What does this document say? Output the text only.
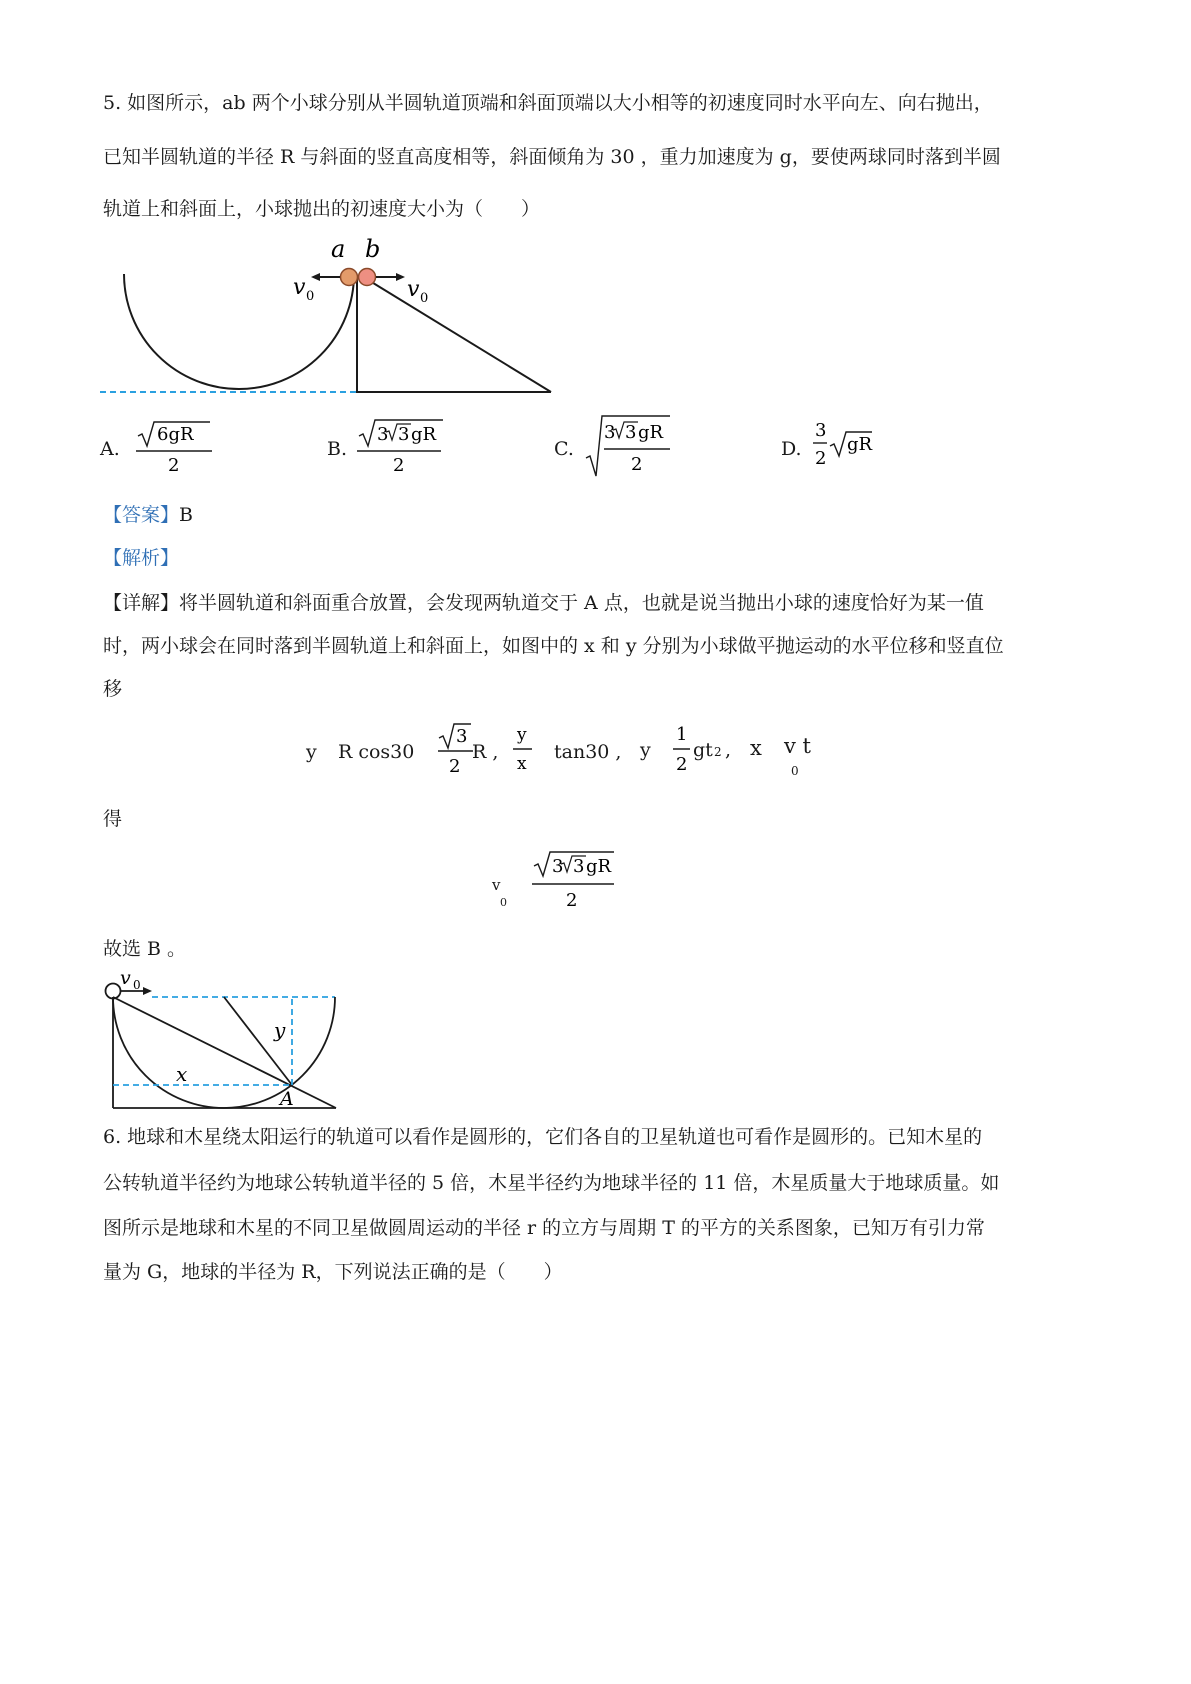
5. 如图所示，ab 两个小球分别从半圆轨道顶端和斜面顶端以大小相等的初速度同时水平向左、向右抛出，
已知半圆轨道的半径 R 与斜面的竖直高度相等，斜面倾角为 30 ，重力加速度为 g，要使两球同时落到半圆
轨道上和斜面上，小球抛出的初速度大小为（　　）
a b
v 0	v 0
A.
6gR
2
B.
3 3 gR
2
C.
3 3 gR
2
D.
3
2
gR
【答案】B
【解析】
【详解】将半圆轨道和斜面重合放置，会发现两轨道交于 A 点，也就是说当抛出小球的速度恰好为某一值
时，两小球会在同时落到半圆轨道上和斜面上，如图中的 x 和 y 分别为小球做平抛运动的水平位移和竖直位
移
y R cos30
3
2
R ,
y
x
tan30 , y
1
2
gt 2 , x v t
0
得
v
0
3 3 gR
2
故选 B 。
v 0
y
x
A
6. 地球和木星绕太阳运行的轨道可以看作是圆形的，它们各自的卫星轨道也可看作是圆形的。已知木星的
公转轨道半径约为地球公转轨道半径的 5 倍，木星半径约为地球半径的 11 倍，木星质量大于地球质量。如
图所示是地球和木星的不同卫星做圆周运动的半径 r 的立方与周期 T 的平方的关系图象，已知万有引力常
量为 G，地球的半径为 R，下列说法正确的是（　　）
